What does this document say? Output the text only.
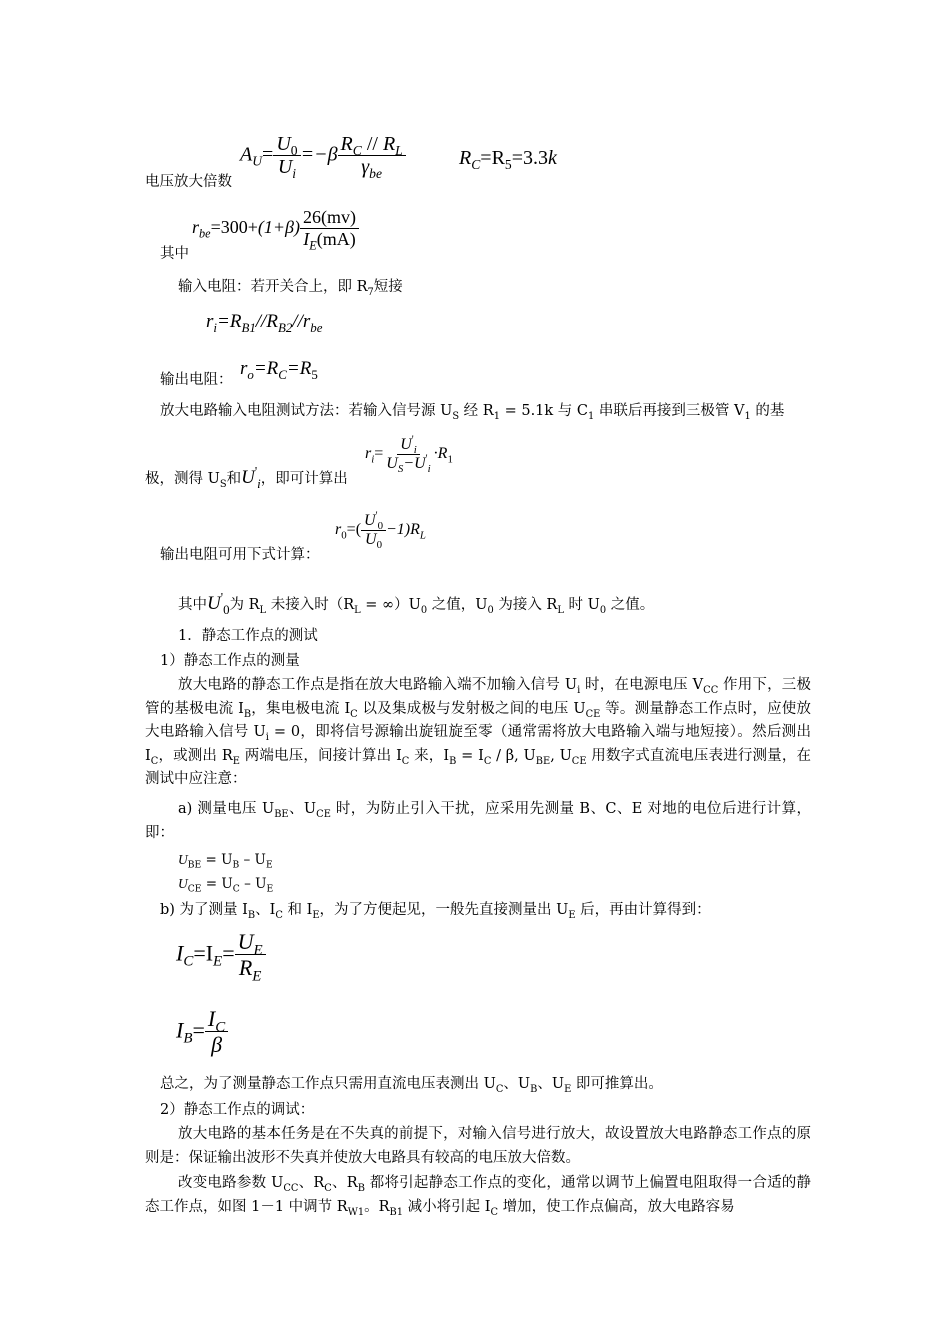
$A_U= \frac{U_0}{U_i} =-\beta \frac{R_C // R_L}{\gamma_{be}}$	$R_C=R_5=3.3k$
电压放大倍数
$r_{be}=300+(1+\beta) \frac{26(mv)}{I_E(mA)}$
其中
输入电阻：若开关合上，即 $R_7$短接
$r_i=R_{B1}//R_{B2}//r_{be}$
输出电阻：
$r_o=R_C=R_5$
放大电路输入电阻测试方法：若输入信号源 $U_S$ 经 $R_1 = 5.1k$ 与 $C_1$ 串联后再接到三极管 $V_1$ 的基
极，测得 $U_S$和$U'_i$，即可计算出
$r_i= \frac{U'_i}{U_S-U'_i} \cdot R_1$
$r_0=( \frac{U'_0}{U_0} -1)R_L$
输出电阻可用下式计算：
其中$U'_0$为 $R_L$ 未接入时$(R_L = \infty)U_0$ 之值，$U_0$ 为接入 $R_L$ 时 $U_0$ 之值。
1．静态工作点的测试
1）静态工作点的测量
放大电路的静态工作点是指在放大电路输入端不加输入信号 $U_i$ 时，在电源电压 $V_{CC}$ 作用下，三极管的基极电流 $I_B$，集电极电流 $I_C$ 以及集成极与发射极之间的电压 $U_{CE}$ 等。测量静态工作点时，应使放大电路输入信号 $U_i = 0$，即将信号源输出旋钮旋至零（通常需将放大电路输入端与地短接）。然后测出 $I_C$，或测出 $R_E$ 两端电压，间接计算出 $I_C$ 来，$I_B = I_C / \beta$, $U_{BE}$, $U_{CE}$ 用数字式直流电压表进行测量，在测试中应注意：
a) 测量电压 $U_{BE}$、$U_{CE}$ 时，为防止引入干扰，应采用先测量 B、C、E 对地的电位后进行计算，即：
$U_{BE} = U_B - U_E$
$U_{CE} = U_C - U_E$
b) 为了测量 $I_B$、$I_C$ 和 $I_E$，为了方便起见，一般先直接测量出 $U_E$ 后，再由计算得到：
$I_C=I_E= \frac{U_E}{R_E}$
$I_B= \frac{I_C}{\beta}$
总之，为了测量静态工作点只需用直流电压表测出 $U_C$、$U_B$、$U_E$ 即可推算出。
2）静态工作点的调试：
放大电路的基本任务是在不失真的前提下，对输入信号进行放大，故设置放大电路静态工作点的原则是：保证输出波形不失真并使放大电路具有较高的电压放大倍数。
改变电路参数 $U_{CC}$、$R_C$、$R_B$ 都将引起静态工作点的变化，通常以调节上偏置电阻取得一合适的静态工作点，如图 1－1 中调节 $R_{W1}$。$R_{B1}$ 减小将引起 $I_C$ 增加，使工作点偏高，放大电路容易
